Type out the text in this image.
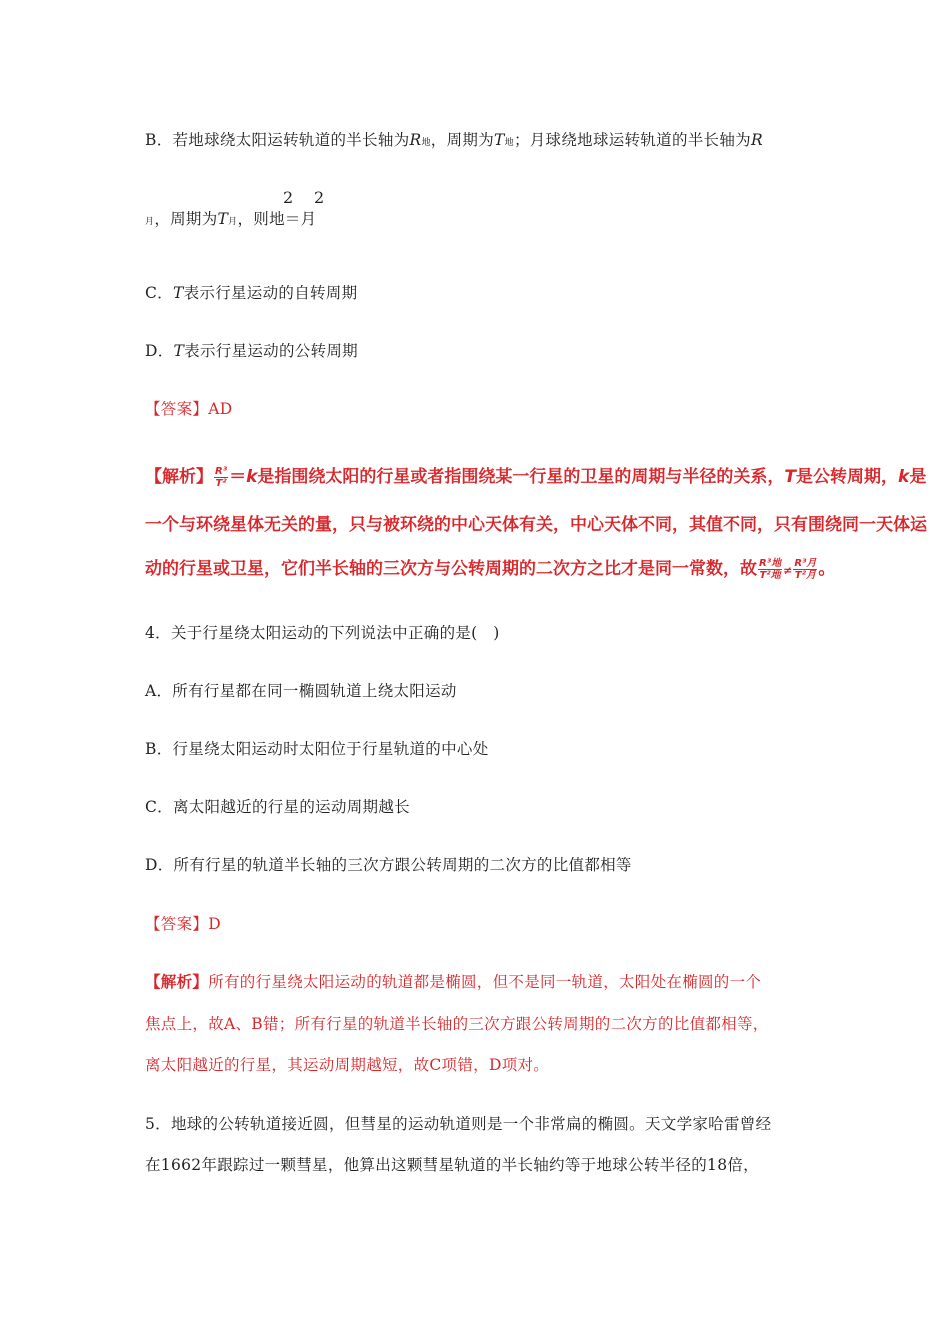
B．若地球绕太阳运转轨道的半长轴为R地，周期为T地；月球绕地球运转轨道的半长轴为R
2 2
月，周期为T月，则地＝月
C．T表示行星运动的自转周期
D．T表示行星运动的公转周期
【答案】AD
【解析】 $\frac{\text{R³}}{\text{T²}} =k$是指围绕太阳的行星或者指围绕某一行星的卫星的周期与半径的关系，T是公转周期，k是
一个与环绕星体无关的量，只与被环绕的中心天体有关，中心天体不同，其值不同，只有围绕同一天体运
动的行星或卫星，它们半长轴的三次方与公转周期的二次方之比才是同一常数，故 $\frac{\text{R³地}}{\text{T²地}} \ne \frac{\text{R³月}}{\text{T²月}}$ 。
4．关于行星绕太阳运动的下列说法中正确的是(　)
A．所有行星都在同一椭圆轨道上绕太阳运动
B．行星绕太阳运动时太阳位于行星轨道的中心处
C．离太阳越近的行星的运动周期越长
D．所有行星的轨道半长轴的三次方跟公转周期的二次方的比值都相等
【答案】D
【解析】所有的行星绕太阳运动的轨道都是椭圆，但不是同一轨道，太阳处在椭圆的一个
焦点上，故A、B错；所有行星的轨道半长轴的三次方跟公转周期的二次方的比值都相等，
离太阳越近的行星，其运动周期越短，故C项错，D项对。
5．地球的公转轨道接近圆，但彗星的运动轨道则是一个非常扁的椭圆。天文学家哈雷曾经
在1662年跟踪过一颗彗星，他算出这颗彗星轨道的半长轴约等于地球公转半径的18倍，
